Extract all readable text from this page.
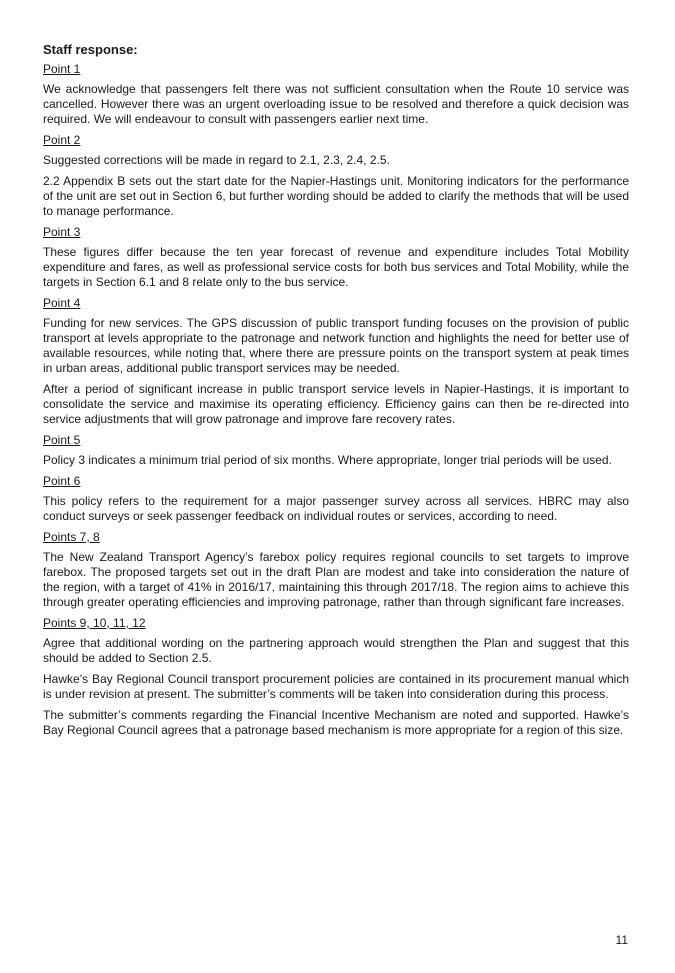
Staff response:
Point 1

We acknowledge that passengers felt there was not sufficient consultation when the Route 10 service was cancelled. However there was an urgent overloading issue to be resolved and therefore a quick decision was required. We will endeavour to consult with passengers earlier next time.

Point 2

Suggested corrections will be made in regard to 2.1, 2.3, 2.4, 2.5.

2.2 Appendix B sets out the start date for the Napier-Hastings unit. Monitoring indicators for the performance of the unit are set out in Section 6, but further wording should be added to clarify the methods that will be used to manage performance.

Point 3

These figures differ because the ten year forecast of revenue and expenditure includes Total Mobility expenditure and fares, as well as professional service costs for both bus services and Total Mobility, while the targets in Section 6.1 and 8 relate only to the bus service.

Point 4

Funding for new services. The GPS discussion of public transport funding focuses on the provision of public transport at levels appropriate to the patronage and network function and highlights the need for better use of available resources, while noting that, where there are pressure points on the transport system at peak times in urban areas, additional public transport services may be needed.

After a period of significant increase in public transport service levels in Napier-Hastings, it is important to consolidate the service and maximise its operating efficiency. Efficiency gains can then be re-directed into service adjustments that will grow patronage and improve fare recovery rates.

Point 5

Policy 3 indicates a minimum trial period of six months. Where appropriate, longer trial periods will be used.

Point 6

This policy refers to the requirement for a major passenger survey across all services. HBRC may also conduct surveys or seek passenger feedback on individual routes or services, according to need.

Points 7, 8

The New Zealand Transport Agency’s farebox policy requires regional councils to set targets to improve farebox. The proposed targets set out in the draft Plan are modest and take into consideration the nature of the region, with a target of 41% in 2016/17, maintaining this through 2017/18. The region aims to achieve this through greater operating efficiencies and improving patronage, rather than through significant fare increases.

Points 9, 10, 11, 12

Agree that additional wording on the partnering approach would strengthen the Plan and suggest that this should be added to Section 2.5.

Hawke’s Bay Regional Council transport procurement policies are contained in its procurement manual which is under revision at present. The submitter’s comments will be taken into consideration during this process.

The submitter’s comments regarding the Financial Incentive Mechanism are noted and supported. Hawke’s Bay Regional Council agrees that a patronage based mechanism is more appropriate for a region of this size.

11
